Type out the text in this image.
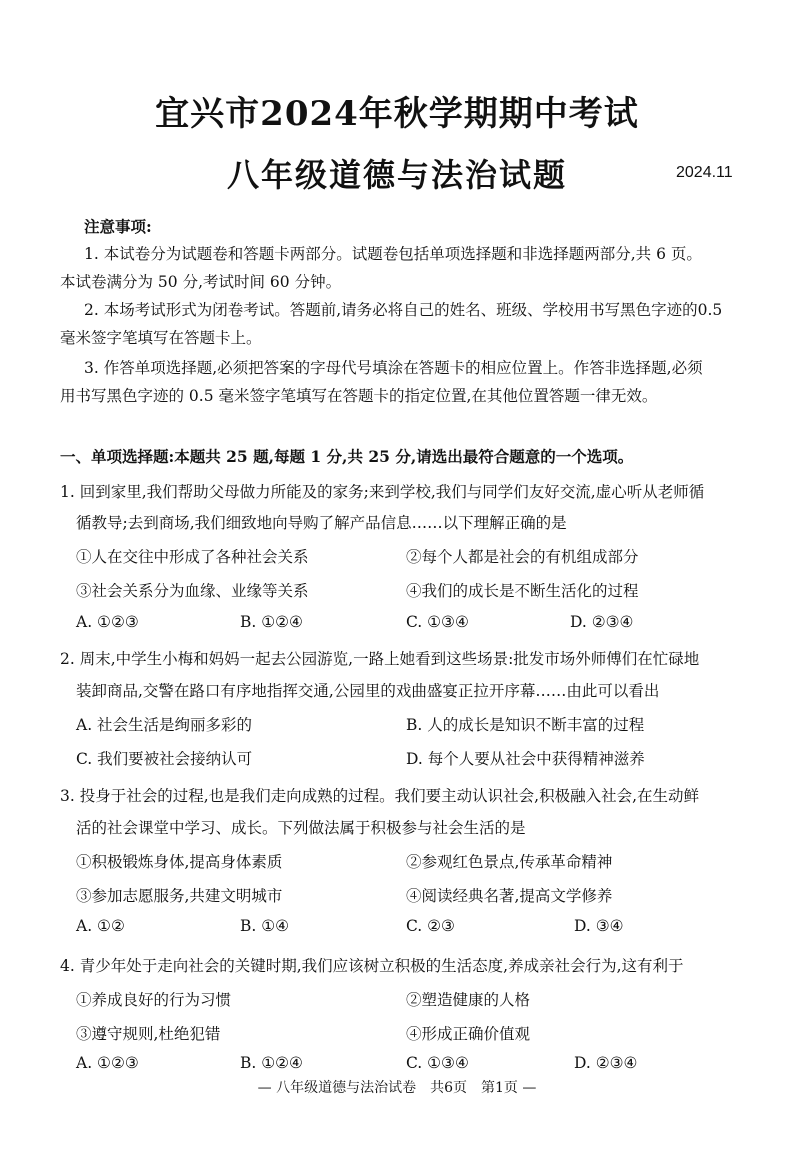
宜兴市2024年秋学期期中考试
八年级道德与法治试题	2024.11
注意事项:
1. 本试卷分为试题卷和答题卡两部分。试题卷包括单项选择题和非选择题两部分,共 6 页。
本试卷满分为 50 分,考试时间 60 分钟。
2. 本场考试形式为闭卷考试。答题前,请务必将自己的姓名、班级、学校用书写黑色字迹的0.5
毫米签字笔填写在答题卡上。
3. 作答单项选择题,必须把答案的字母代号填涂在答题卡的相应位置上。作答非选择题,必须
用书写黑色字迹的 0.5 毫米签字笔填写在答题卡的指定位置,在其他位置答题一律无效。
一、单项选择题:本题共 25 题,每题 1 分,共 25 分,请选出最符合题意的一个选项。
1. 回到家里,我们帮助父母做力所能及的家务;来到学校,我们与同学们友好交流,虚心听从老师循
循教导;去到商场,我们细致地向导购了解产品信息……以下理解正确的是
①人在交往中形成了各种社会关系	②每个人都是社会的有机组成部分
③社会关系分为血缘、业缘等关系	④我们的成长是不断生活化的过程
A. ①②③	B. ①②④	C. ①③④	D. ②③④
2. 周末,中学生小梅和妈妈一起去公园游览,一路上她看到这些场景:批发市场外师傅们在忙碌地
装卸商品,交警在路口有序地指挥交通,公园里的戏曲盛宴正拉开序幕……由此可以看出
A. 社会生活是绚丽多彩的	B. 人的成长是知识不断丰富的过程
C. 我们要被社会接纳认可	D. 每个人要从社会中获得精神滋养
3. 投身于社会的过程,也是我们走向成熟的过程。我们要主动认识社会,积极融入社会,在生动鲜
活的社会课堂中学习、成长。下列做法属于积极参与社会生活的是
①积极锻炼身体,提高身体素质	②参观红色景点,传承革命精神
③参加志愿服务,共建文明城市	④阅读经典名著,提高文学修养
A. ①②	B. ①④	C. ②③	D. ③④
4. 青少年处于走向社会的关键时期,我们应该树立积极的生活态度,养成亲社会行为,这有利于
①养成良好的行为习惯	②塑造健康的人格
③遵守规则,杜绝犯错	④形成正确价值观
A. ①②③	B. ①②④	C. ①③④	D. ②③④
— 八年级道德与法治试卷　共6页　第1页 —
